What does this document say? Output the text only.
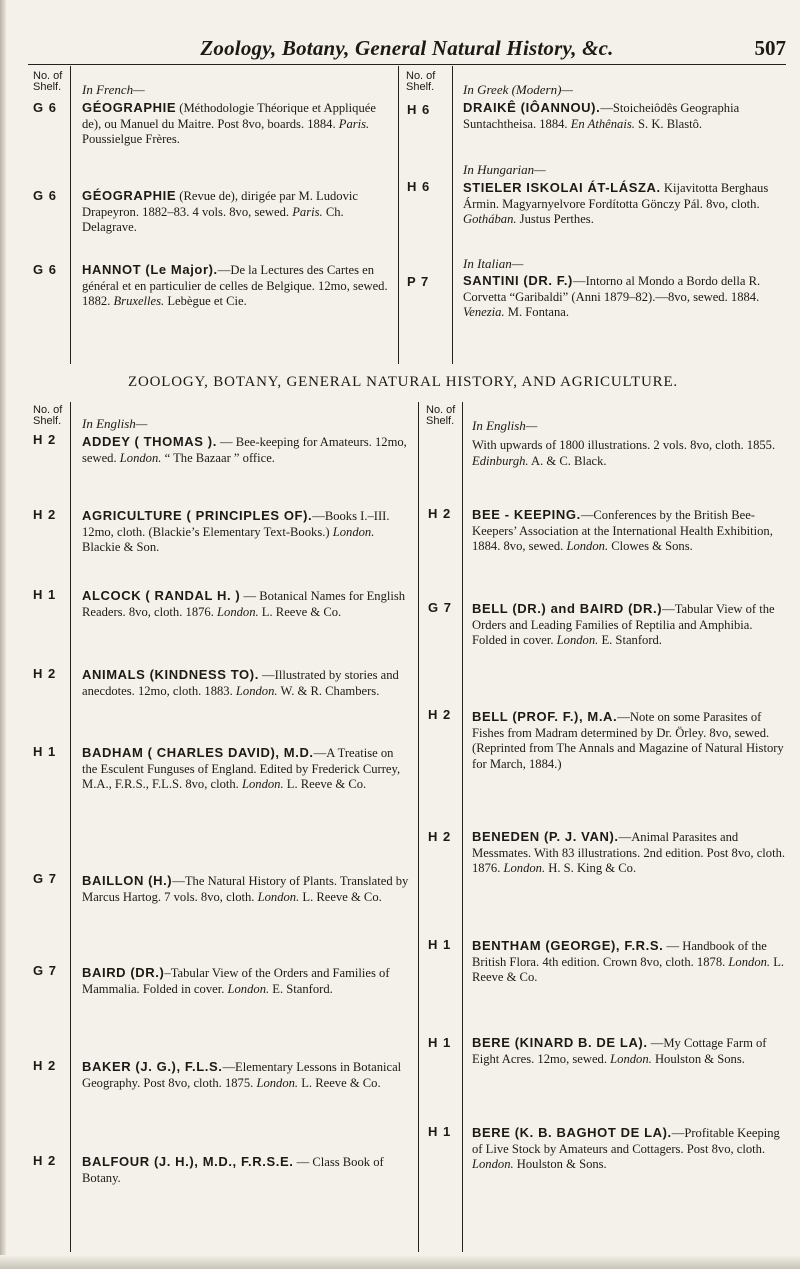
Zoology, Botany, General Natural History, &c.	507
No. of
Shelf.
No. of
Shelf.
In French—
G 6 GÉOGRAPHIE (Méthodologie Théorique et Appliquée de), ou Manuel du Maitre. Post 8vo, boards. 1884. Paris. Poussielgue Frères.
G 6 GÉOGRAPHIE (Revue de), dirigée par M. Ludovic Drapeyron. 1882–83. 4 vols. 8vo, sewed. Paris. Ch. Delagrave.
G 6 HANNOT (Le Major).—De la Lectures des Cartes en général et en particulier de celles de Belgique. 12mo, sewed. 1882. Bruxelles. Lebègue et Cie.
In Greek (Modern)—
H 6	DRAIKÊ (IÔANNOU).—Stoicheiôdês Geographia Suntachtheisa. 1884. En Athênais. S. K. Blastô.
In Hungarian—
H 6	STIELER ISKOLAI ÁT-LÁSZA. Kijavitotta Berghaus Ármin. Magyarnyelvore Fordította Gönczy Pál. 8vo, cloth. Gothában. Justus Perthes.
In Italian—
P 7	SANTINI (DR. F.)—Intorno al Mondo a Bordo della R. Corvetta “Garibaldi” (Anni 1879–82).—8vo, sewed. 1884. Venezia. M. Fontana.
ZOOLOGY, BOTANY, GENERAL NATURAL HISTORY, AND AGRICULTURE.
No. of
Shelf.
No. of
Shelf.
In English—
H 2 ADDEY ( THOMAS ). — Bee-keeping for Amateurs. 12mo, sewed. London. “ The Bazaar ” office.
H 2 AGRICULTURE ( PRINCIPLES OF).—Books I.–III. 12mo, cloth. (Blackie’s Elementary Text-Books.) London. Blackie & Son.
H 1 ALCOCK ( RANDAL H. ) — Botanical Names for English Readers. 8vo, cloth. 1876. London. L. Reeve & Co.
H 2 ANIMALS (KINDNESS TO). —Illustrated by stories and anecdotes. 12mo, cloth. 1883. London. W. & R. Chambers.
H 1 BADHAM ( CHARLES DAVID), M.D.—A Treatise on the Esculent Funguses of England. Edited by Frederick Currey, M.A., F.R.S., F.L.S. 8vo, cloth. London. L. Reeve & Co.
G 7 BAILLON (H.)—The Natural History of Plants. Translated by Marcus Hartog. 7 vols. 8vo, cloth. London. L. Reeve & Co.
G 7 BAIRD (DR.)–Tabular View of the Orders and Families of Mammalia. Folded in cover. London. E. Stanford.
H 2 BAKER (J. G.), F.L.S.—Elementary Lessons in Botanical Geography. Post 8vo, cloth. 1875. London. L. Reeve & Co.
H 2 BALFOUR (J. H.), M.D., F.R.S.E. — Class Book of Botany.
In English—
With upwards of 1800 illustrations. 2 vols. 8vo, cloth. 1855. Edinburgh. A. & C. Black.
H 2 BEE - KEEPING.—Conferences by the British Bee-Keepers’ Association at the International Health Exhibition, 1884. 8vo, sewed. London. Clowes & Sons.
G 7 BELL (DR.) and BAIRD (DR.)—Tabular View of the Orders and Leading Families of Reptilia and Amphibia. Folded in cover. London. E. Stanford.
H 2 BELL (PROF. F.), M.A.—Note on some Parasites of Fishes from Madram determined by Dr. Örley. 8vo, sewed. (Reprinted from The Annals and Magazine of Natural History for March, 1884.)
H 2 BENEDEN (P. J. VAN).—Animal Parasites and Messmates. With 83 illustrations. 2nd edition. Post 8vo, cloth. 1876. London. H. S. King & Co.
H 1 BENTHAM (GEORGE), F.R.S. — Handbook of the British Flora. 4th edition. Crown 8vo, cloth. 1878. London. L. Reeve & Co.
H 1 BERE (KINARD B. DE LA). —My Cottage Farm of Eight Acres. 12mo, sewed. London. Houlston & Sons.
H 1 BERE (K. B. BAGHOT DE LA).—Profitable Keeping of Live Stock by Amateurs and Cottagers. Post 8vo, cloth. London. Houlston & Sons.
